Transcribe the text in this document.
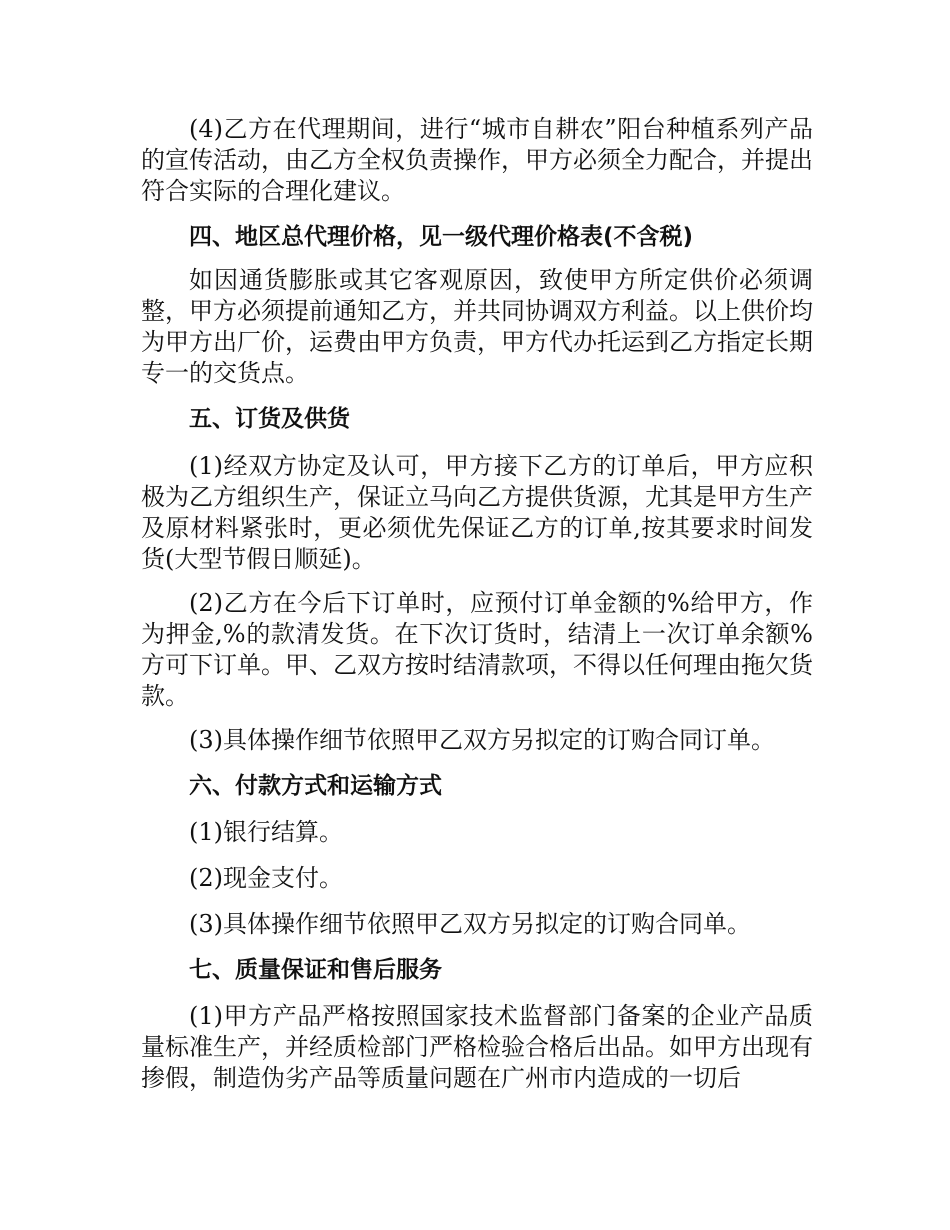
(4)乙方在代理期间，进行“城市自耕农”阳台种植系列产品的宣传活动，由乙方全权负责操作，甲方必须全力配合，并提出符合实际的合理化建议。

四、地区总代理价格，见一级代理价格表(不含税)

如因通货膨胀或其它客观原因，致使甲方所定供价必须调整，甲方必须提前通知乙方，并共同协调双方利益。以上供价均为甲方出厂价，运费由甲方负责，甲方代办托运到乙方指定长期专一的交货点。

五、订货及供货

(1)经双方协定及认可，甲方接下乙方的订单后，甲方应积极为乙方组织生产，保证立马向乙方提供货源，尤其是甲方生产及原材料紧张时，更必须优先保证乙方的订单,按其要求时间发货(大型节假日顺延)。

(2)乙方在今后下订单时，应预付订单金额的%给甲方，作为押金,%的款清发货。在下次订货时，结清上一次订单余额%方可下订单。甲、乙双方按时结清款项，不得以任何理由拖欠货款。

(3)具体操作细节依照甲乙双方另拟定的订购合同订单。

六、付款方式和运输方式

(1)银行结算。

(2)现金支付。

(3)具体操作细节依照甲乙双方另拟定的订购合同单。

七、质量保证和售后服务

(1)甲方产品严格按照国家技术监督部门备案的企业产品质量标准生产，并经质检部门严格检验合格后出品。如甲方出现有掺假，制造伪劣产品等质量问题在广州市内造成的一切后
